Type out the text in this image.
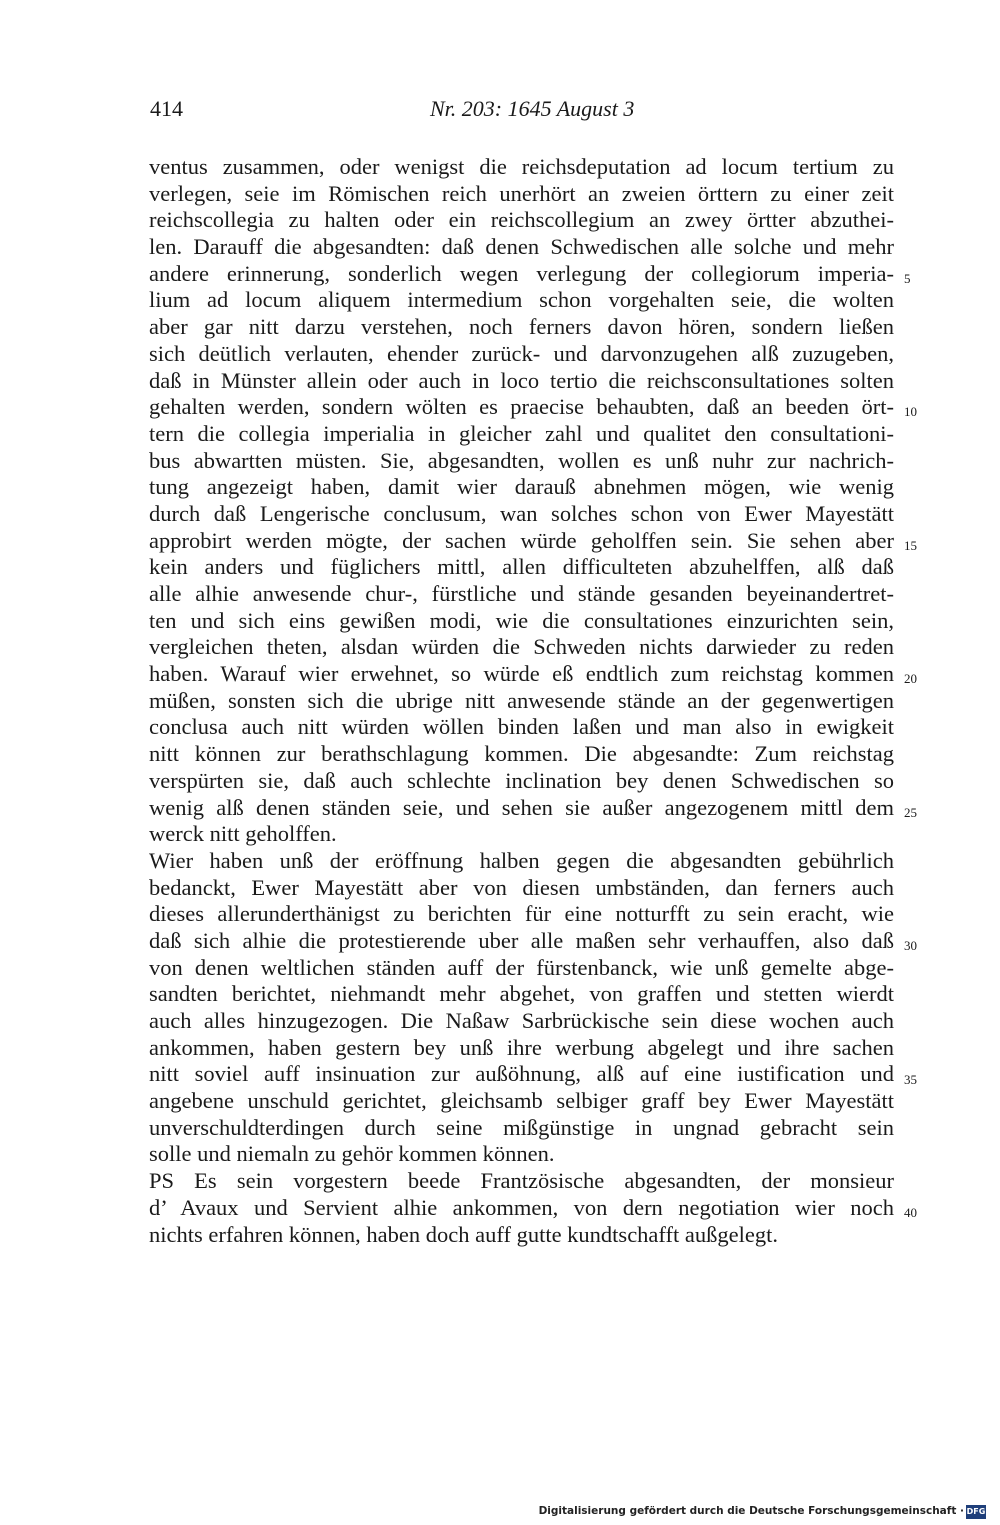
414	Nr. 203: 1645 August 3
ventus zusammen, oder wenigst die reichsdeputation ad locum tertium zu
verlegen, seie im Römischen reich unerhört an zweien örttern zu einer zeit
reichscollegia zu halten oder ein reichscollegium an zwey örtter abzuthei-
len. Darauff die abgesandten: daß denen Schwedischen alle solche und mehr
andere erinnerung, sonderlich wegen verlegung der collegiorum imperia-
lium ad locum aliquem intermedium schon vorgehalten seie, die wolten
aber gar nitt darzu verstehen, noch ferners davon hören, sondern ließen
sich deütlich verlauten, ehender zurück- und darvonzugehen alß zuzugeben,
daß in Münster allein oder auch in loco tertio die reichsconsultationes solten
gehalten werden, sondern wölten es praecise behaubten, daß an beeden ört-
tern die collegia imperialia in gleicher zahl und qualitet den consultationi-
bus abwartten müsten. Sie, abgesandten, wollen es unß nuhr zur nachrich-
tung angezeigt haben, damit wier darauß abnehmen mögen, wie wenig
durch daß Lengerische conclusum, wan solches schon von Ewer Mayestätt
approbirt werden mögte, der sachen würde geholffen sein. Sie sehen aber
kein anders und füglichers mittl, allen difficulteten abzuhelffen, alß daß
alle alhie anwesende chur-, fürstliche und stände gesanden beyeinandertret-
ten und sich eins gewißen modi, wie die consultationes einzurichten sein,
vergleichen theten, alsdan würden die Schweden nichts darwieder zu reden
haben. Warauf wier erwehnet, so würde eß endtlich zum reichstag kommen
müßen, sonsten sich die ubrige nitt anwesende stände an der gegenwertigen
conclusa auch nitt würden wöllen binden laßen und man also in ewigkeit
nitt können zur berathschlagung kommen. Die abgesandte: Zum reichstag
verspürten sie, daß auch schlechte inclination bey denen Schwedischen so
wenig alß denen ständen seie, und sehen sie außer angezogenem mittl dem
werck nitt geholffen.
Wier haben unß der eröffnung halben gegen die abgesandten gebührlich
bedanckt, Ewer Mayestätt aber von diesen umbständen, dan ferners auch
dieses allerunderthänigst zu berichten für eine notturfft zu sein eracht, wie
daß sich alhie die protestierende uber alle maßen sehr verhauffen, also daß
von denen weltlichen ständen auff der fürstenbanck, wie unß gemelte abge-
sandten berichtet, niehmandt mehr abgehet, von graffen und stetten wierdt
auch alles hinzugezogen. Die Naßaw Sarbrückische sein diese wochen auch
ankommen, haben gestern bey unß ihre werbung abgelegt und ihre sachen
nitt soviel auff insinuation zur außöhnung, alß auf eine iustification und
angebene unschuld gerichtet, gleichsamb selbiger graff bey Ewer Mayestätt
unverschuldterdingen durch seine mißgünstige in ungnad gebracht sein
solle und niemaln zu gehör kommen können.
PS Es sein vorgestern beede Frantzösische abgesandten, der monsieur
d’ Avaux und Servient alhie ankommen, von dern negotiation wier noch
nichts erfahren können, haben doch auff gutte kundtschafft außgelegt.
5
10
15
20
25
30
35
40
Digitalisierung gefördert durch die Deutsche Forschungsgemeinschaft · DFG
